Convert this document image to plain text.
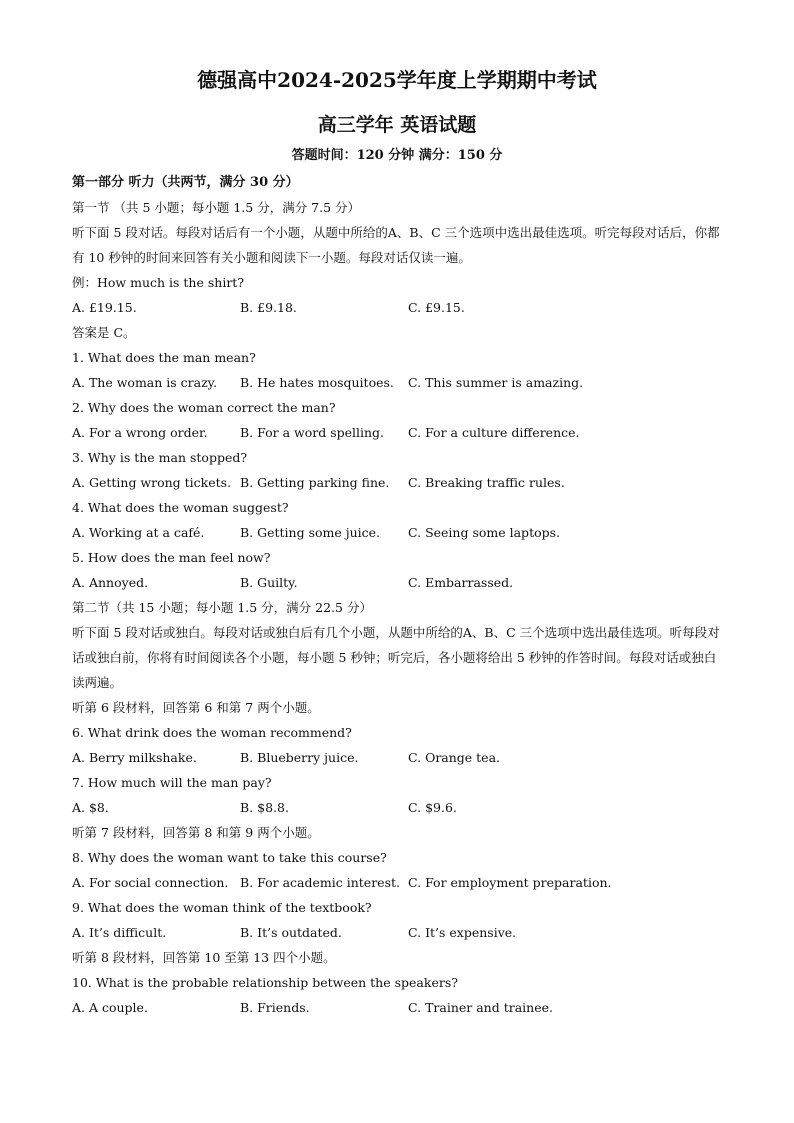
德强高中2024-2025学年度上学期期中考试
高三学年 英语试题
答题时间：120 分钟 满分：150 分
第一部分 听力（共两节，满分 30 分）
第一节 （共 5 小题；每小题 1.5 分，满分 7.5 分）
听下面 5 段对话。每段对话后有一个小题，从题中所给的A、B、C 三个选项中选出最佳选项。听完每段对话后，你都有 10 秒钟的时间来回答有关小题和阅读下一小题。每段对话仅读一遍。
例：How much is the shirt?
A. £19.15.	B. £9.18.	C. £9.15.
答案是 C。
1. What does the man mean?
A. The woman is crazy. B. He hates mosquitoes. C. This summer is amazing.
2. Why does the woman correct the man?
A. For a wrong order.	B. For a word spelling. C. For a culture difference.
3. Why is the man stopped?
A. Getting wrong tickets. B. Getting parking fine. C. Breaking traffic rules.
4. What does the woman suggest?
A. Working at a café.	B. Getting some juice. C. Seeing some laptops.
5. How does the man feel now?
A. Annoyed.	B. Guilty.	C. Embarrassed.
第二节（共 15 小题；每小题 1.5 分，满分 22.5 分）
听下面 5 段对话或独白。每段对话或独白后有几个小题，从题中所给的A、B、C 三个选项中选出最佳选项。听每段对话或独白前，你将有时间阅读各个小题，每小题 5 秒钟；听完后，各小题将给出 5 秒钟的作答时间。每段对话或独白读两遍。
听第 6 段材料，回答第 6 和第 7 两个小题。
6. What drink does the woman recommend?
A. Berry milkshake.	B. Blueberry juice.	C. Orange tea.
7. How much will the man pay?
A. $8.	B. $8.8.	C. $9.6.
听第 7 段材料，回答第 8 和第 9 两个小题。
8. Why does the woman want to take this course?
A. For social connection. B. For academic interest. C. For employment preparation.
9. What does the woman think of the textbook?
A. It’s difficult.	B. It’s outdated.	C. It’s expensive.
听第 8 段材料，回答第 10 至第 13 四个小题。
10. What is the probable relationship between the speakers?
A. A couple.	B. Friends.	C. Trainer and trainee.
